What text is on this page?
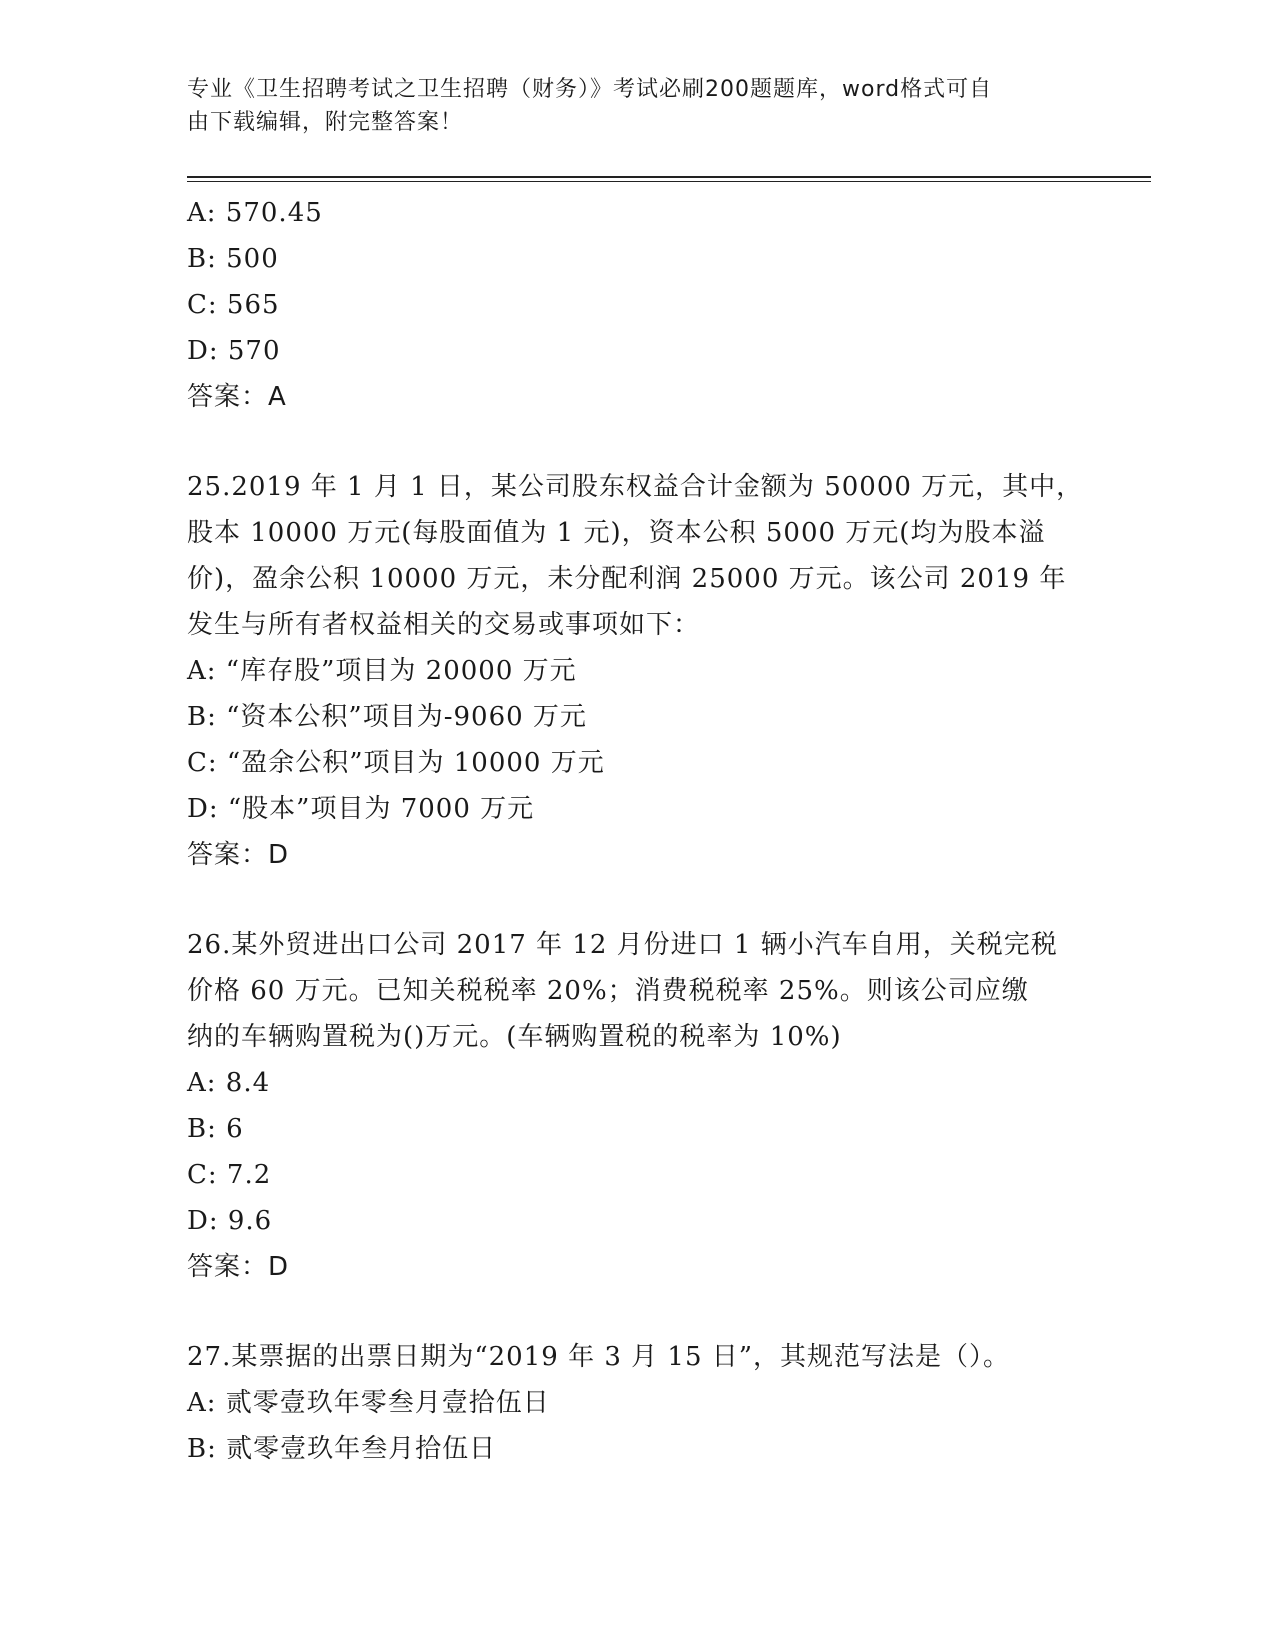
专业《卫生招聘考试之卫生招聘（财务）》考试必刷200题题库，word格式可自
由下载编辑，附完整答案！
A: 570.45
B: 500
C: 565
D: 570
答案：A
25.2019 年 1 月 1 日，某公司股东权益合计金额为 50000 万元，其中，
股本 10000 万元(每股面值为 1 元)，资本公积 5000 万元(均为股本溢
价)，盈余公积 10000 万元，未分配利润 25000 万元。该公司 2019 年
发生与所有者权益相关的交易或事项如下：
A: “库存股”项目为 20000 万元
B: “资本公积”项目为-9060 万元
C: “盈余公积”项目为 10000 万元
D: “股本”项目为 7000 万元
答案：D
26.某外贸进出口公司 2017 年 12 月份进口 1 辆小汽车自用，关税完税
价格 60 万元。已知关税税率 20%；消费税税率 25%。则该公司应缴
纳的车辆购置税为()万元。(车辆购置税的税率为 10%)
A: 8.4
B: 6
C: 7.2
D: 9.6
答案：D
27.某票据的出票日期为“2019 年 3 月 15 日”，其规范写法是（）。
A: 贰零壹玖年零叁月壹拾伍日
B: 贰零壹玖年叁月拾伍日
